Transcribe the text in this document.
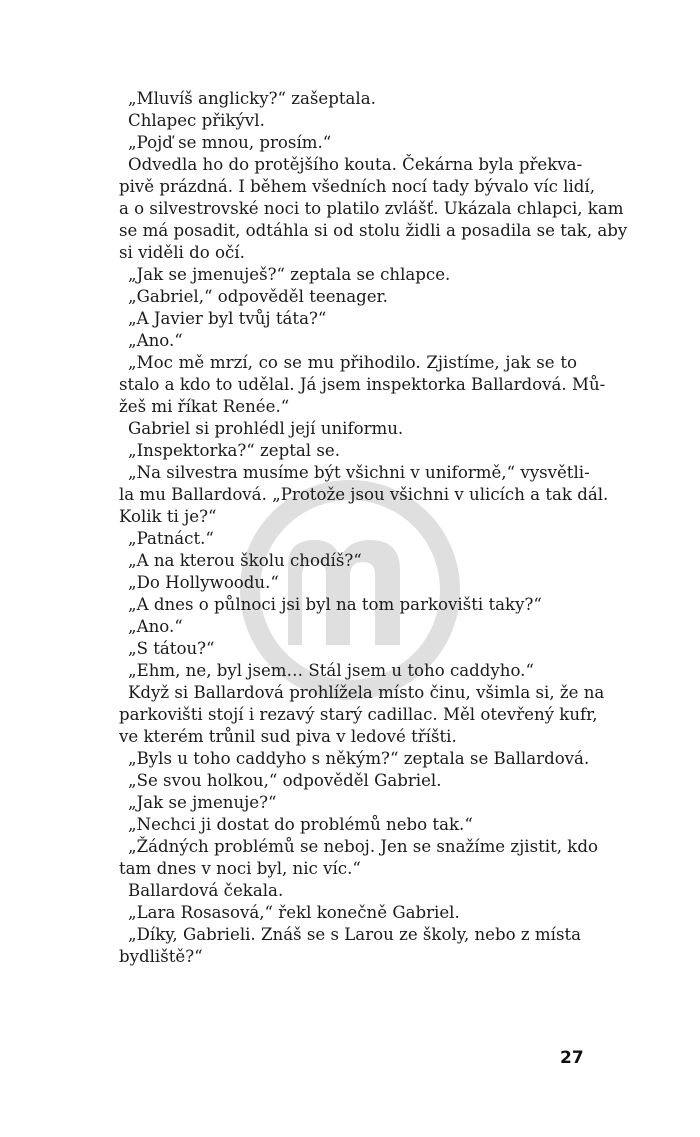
„Mluvíš anglicky?“ zašeptala.
Chlapec přikývl.
„Pojď se mnou, prosím.“
Odvedla ho do protějšího kouta. Čekárna byla překva-
pivě prázdná. I během všedních nocí tady bývalo víc lidí,
a o silvestrovské noci to platilo zvlášť. Ukázala chlapci, kam
se má posadit, odtáhla si od stolu židli a posadila se tak, aby
si viděli do očí.
„Jak se jmenuješ?“ zeptala se chlapce.
„Gabriel,“ odpověděl teenager.
„A Javier byl tvůj táta?“
„Ano.“
„Moc mě mrzí, co se mu přihodilo. Zjistíme, jak se to
stalo a kdo to udělal. Já jsem inspektorka Ballardová. Mů-
žeš mi říkat Renée.“
Gabriel si prohlédl její uniformu.
„Inspektorka?“ zeptal se.
„Na silvestra musíme být všichni v uniformě,“ vysvětli-
la mu Ballardová. „Protože jsou všichni v ulicích a tak dál.
Kolik ti je?“
„Patnáct.“
„A na kterou školu chodíš?“
„Do Hollywoodu.“
„A dnes o půlnoci jsi byl na tom parkovišti taky?“
„Ano.“
„S tátou?“
„Ehm, ne, byl jsem… Stál jsem u toho caddyho.“
Když si Ballardová prohlížela místo činu, všimla si, že na
parkovišti stojí i rezavý starý cadillac. Měl otevřený kufr,
ve kterém trůnil sud piva v ledové tříšti.
„Byls u toho caddyho s někým?“ zeptala se Ballardová.
„Se svou holkou,“ odpověděl Gabriel.
„Jak se jmenuje?“
„Nechci ji dostat do problémů nebo tak.“
„Žádných problémů se neboj. Jen se snažíme zjistit, kdo
tam dnes v noci byl, nic víc.“
Ballardová čekala.
„Lara Rosasová,“ řekl konečně Gabriel.
„Díky, Gabrieli. Znáš se s Larou ze školy, nebo z místa
bydliště?“
27
